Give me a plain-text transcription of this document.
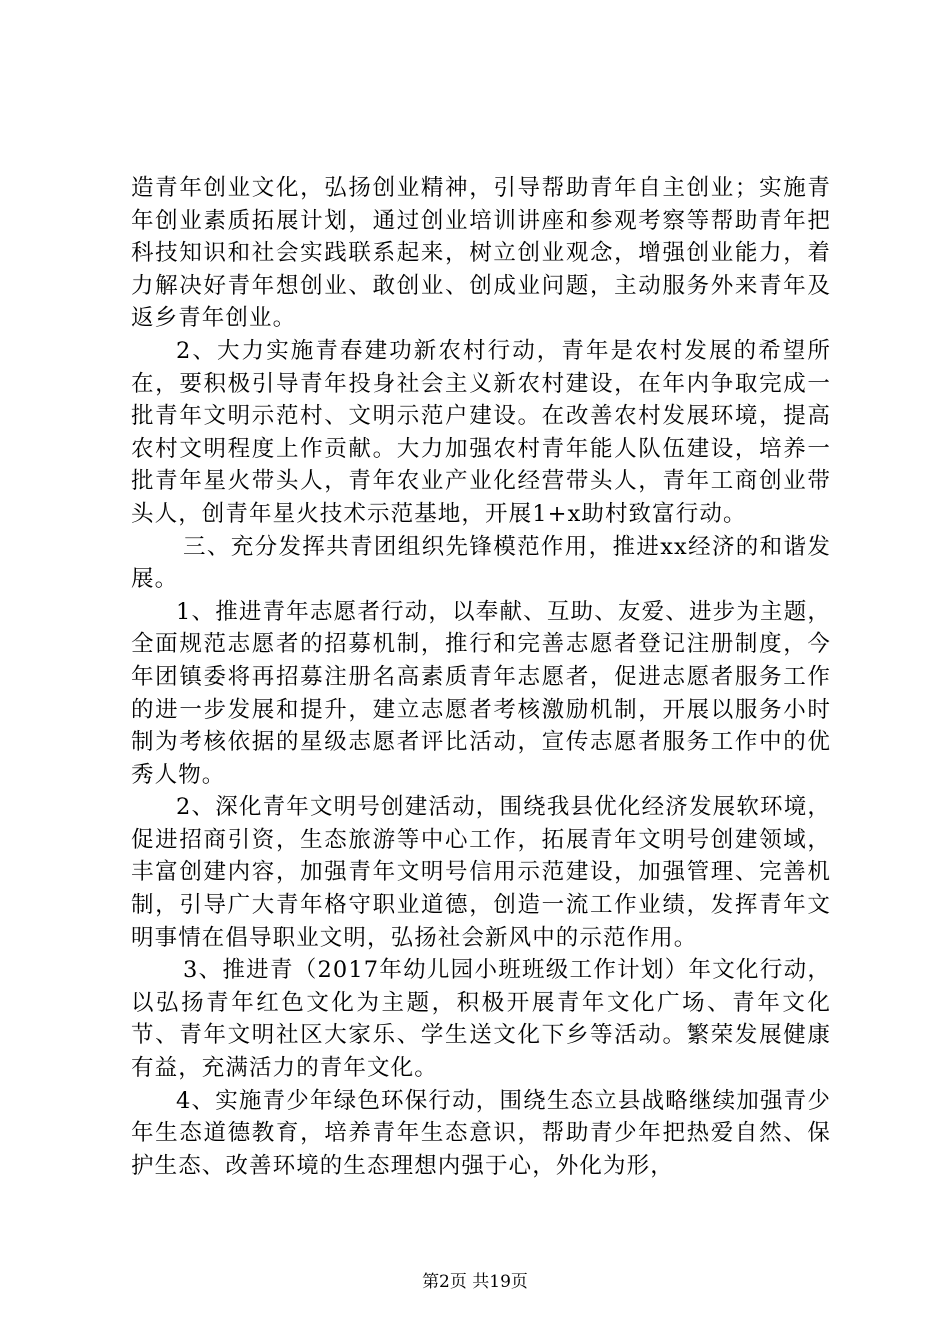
造青年创业文化，弘扬创业精神，引导帮助青年自主创业；实施青年创业素质拓展计划，通过创业培训讲座和参观考察等帮助青年把科技知识和社会实践联系起来，树立创业观念，增强创业能力，着力解决好青年想创业、敢创业、创成业问题，主动服务外来青年及返乡青年创业。

2、大力实施青春建功新农村行动，青年是农村发展的希望所在，要积极引导青年投身社会主义新农村建设，在年内争取完成一批青年文明示范村、文明示范户建设。在改善农村发展环境，提高农村文明程度上作贡献。大力加强农村青年能人队伍建设，培养一批青年星火带头人，青年农业产业化经营带头人，青年工商创业带头人，创青年星火技术示范基地，开展1+x助村致富行动。

三、充分发挥共青团组织先锋模范作用，推进xx经济的和谐发展。

1、推进青年志愿者行动，以奉献、互助、友爱、进步为主题，全面规范志愿者的招募机制，推行和完善志愿者登记注册制度，今年团镇委将再招募注册名高素质青年志愿者，促进志愿者服务工作的进一步发展和提升，建立志愿者考核激励机制，开展以服务小时制为考核依据的星级志愿者评比活动，宣传志愿者服务工作中的优秀人物。

2、深化青年文明号创建活动，围绕我县优化经济发展软环境，促进招商引资，生态旅游等中心工作，拓展青年文明号创建领域，丰富创建内容，加强青年文明号信用示范建设，加强管理、完善机制，引导广大青年格守职业道德，创造一流工作业绩，发挥青年文明事情在倡导职业文明，弘扬社会新风中的示范作用。

3、推进青（2017年幼儿园小班班级工作计划）年文化行动，以弘扬青年红色文化为主题，积极开展青年文化广场、青年文化节、青年文明社区大家乐、学生送文化下乡等活动。繁荣发展健康有益，充满活力的青年文化。

4、实施青少年绿色环保行动，围绕生态立县战略继续加强青少年生态道德教育，培养青年生态意识，帮助青少年把热爱自然、保护生态、改善环境的生态理想内强于心，外化为形，

第2页 共19页
